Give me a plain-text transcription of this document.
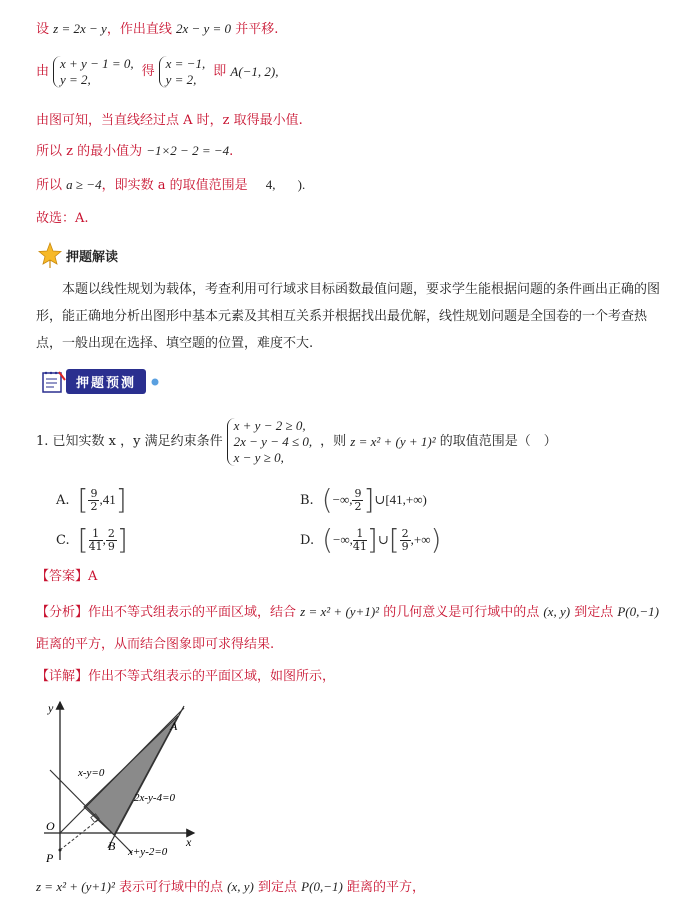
设 z = 2x − y，作出直线 2x − y = 0 并平移.
由
x + y − 1 = 0,
y = 2,
得
x = −1,
y = 2,
即 A(−1, 2),
由图可知，当直线经过点 A 时，z 取得最小值.
所以 z 的最小值为 −1×2 − 2 = −4.
所以 a ≥ −4，即实数 a 的取值范围是 4, ).
故选：A.
押题解读
本题以线性规划为载体，考查利用可行域求目标函数最值问题，要求学生能根据问题的条件画出正确的图形，能正确地分析出图形中基本元素及其相互关系并根据找出最优解，线性规划问题是全国卷的一个考查热点，一般出现在选择、填空题的位置，难度不大.
押题预测
1. 已知实数 x ，y 满足约束条件
x + y − 2 ≥ 0,
2x − y − 4 ≤ 0,
x − y ≥ 0,
，则 z = x² + (y + 1)² 的取值范围是（　）
A. [ $\frac{9}{2} ,41$ ]	B. ( −∞, $\frac{9}{2}$ ] ∪[41,+∞)
C. [ $\frac{1}{41}$ , $\frac{2}{9}$ ]	D. ( −∞, $\frac{1}{41}$ ] ∪ [ $\frac{2}{9}$ ,+∞ )
【答案】A
【分析】作出不等式组表示的平面区域，结合 z = x² + (y+1)² 的几何意义是可行域中的点 (x, y) 到定点 P(0,−1)
距离的平方，从而结合图象即可求得结果.
【详解】作出不等式组表示的平面区域，如图所示，
y
x
O
P
A
B
x-y=0
2x-y-4=0
x+y-2=0
z = x² + (y+1)² 表示可行域中的点 (x, y) 到定点 P(0,−1) 距离的平方，
